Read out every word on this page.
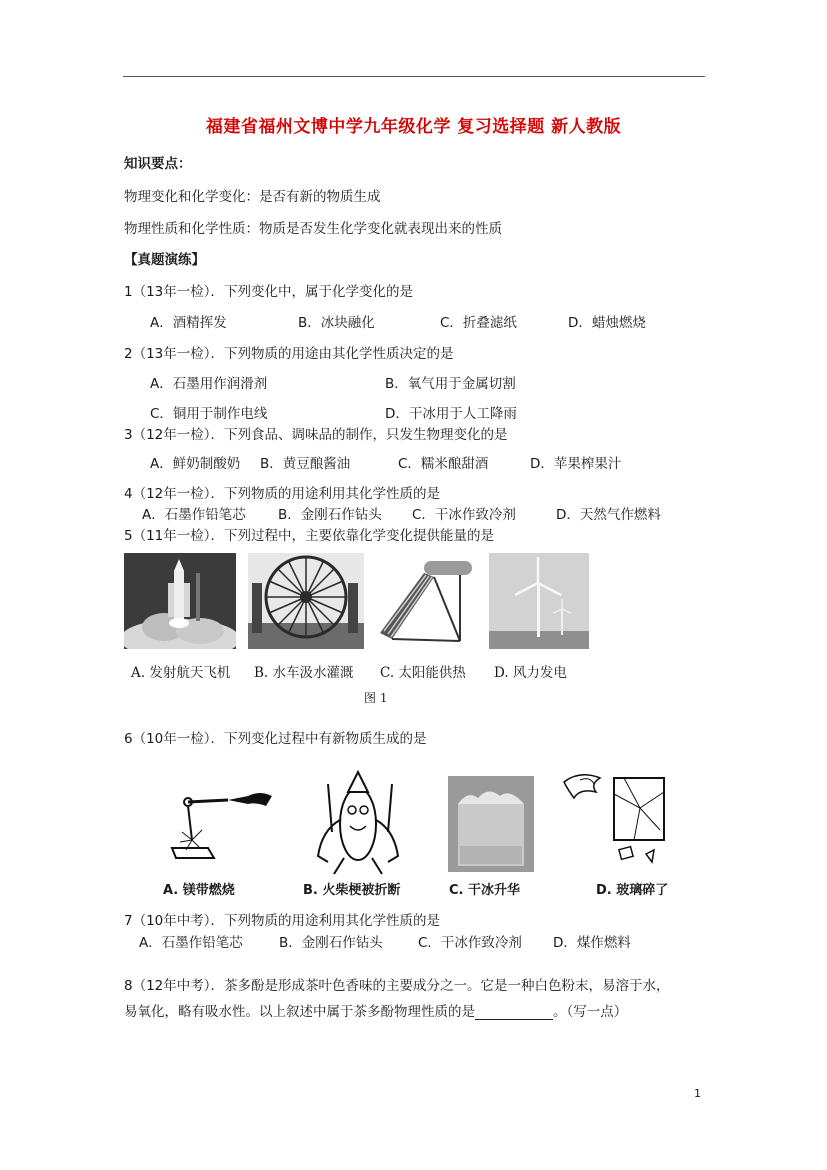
福建省福州文博中学九年级化学 复习选择题 新人教版
知识要点：
物理变化和化学变化：是否有新的物质生成
物理性质和化学性质：物质是否发生化学变化就表现出来的性质
【真题演练】
1（13年一检）．下列变化中，属于化学变化的是
A．酒精挥发	B．冰块融化	C．折叠滤纸	D．蜡烛燃烧
2（13年一检）．下列物质的用途由其化学性质决定的是
A．石墨用作润滑剂	B．氧气用于金属切割
C．铜用于制作电线	D．干冰用于人工降雨
3（12年一检）．下列食品、调味品的制作，只发生物理变化的是
A．鲜奶制酸奶 B．黄豆酿酱油	C．糯米酿甜酒	D．苹果榨果汁
4（12年一检）．下列物质的用途利用其化学性质的是
A．石墨作铅笔芯 B．金刚石作钻头 C．干冰作致冷剂	D．天然气作燃料
5（11年一检）．下列过程中，主要依靠化学变化提供能量的是
A. 发射航天飞机 B. 水车汲水灌溉 C. 太阳能供热 D. 风力发电
图 1
6（10年一检）．下列变化过程中有新物质生成的是
A. 镁带燃烧	B. 火柴梗被折断	C. 干冰升华	D. 玻璃碎了
7（10年中考）．下列物质的用途利用其化学性质的是
A．石墨作铅笔芯	B．金刚石作钻头	C．干冰作致冷剂 D．煤作燃料
8（12年中考）．茶多酚是形成茶叶色香味的主要成分之一。它是一种白色粉末，易溶于水，
易氧化，略有吸水性。以上叙述中属于茶多酚物理性质的是	。（写一点）
1
